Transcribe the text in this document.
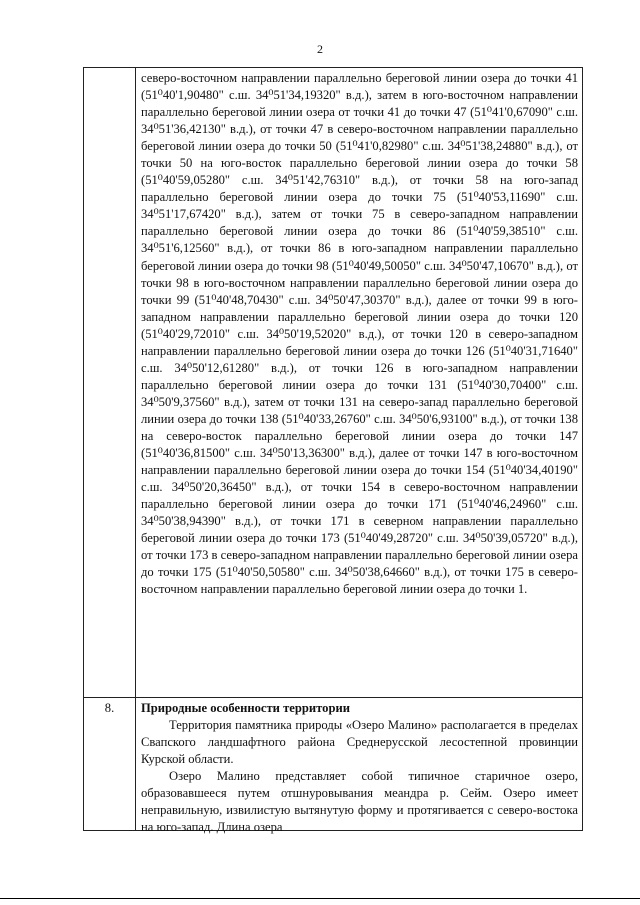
2

северо-восточном направлении параллельно береговой линии озера до точки 41 (51⁰40'1,90480" с.ш. 34⁰51'34,19320" в.д.), затем в юго-восточном направлении параллельно береговой линии озера от точки 41 до точки 47 (51⁰41'0,67090" с.ш. 34⁰51'36,42130" в.д.), от точки 47 в северо-восточном направлении параллельно береговой линии озера до точки 50 (51⁰41'0,82980" с.ш. 34⁰51'38,24880" в.д.), от точки 50 на юго-восток параллельно береговой линии озера до точки 58 (51⁰40'59,05280" с.ш. 34⁰51'42,76310" в.д.), от точки 58 на юго-запад параллельно береговой линии озера до точки 75 (51⁰40'53,11690" с.ш. 34⁰51'17,67420" в.д.), затем от точки 75 в северо-западном направлении параллельно береговой линии озера до точки 86 (51⁰40'59,38510" с.ш. 34⁰51'6,12560" в.д.), от точки 86 в юго-западном направлении параллельно береговой линии озера до точки 98 (51⁰40'49,50050" с.ш. 34⁰50'47,10670" в.д.), от точки 98 в юго-восточном направлении параллельно береговой линии озера до точки 99 (51⁰40'48,70430" с.ш. 34⁰50'47,30370" в.д.), далее от точки 99 в юго-западном направлении параллельно береговой линии озера до точки 120 (51⁰40'29,72010" с.ш. 34⁰50'19,52020" в.д.), от точки 120 в северо-западном направлении параллельно береговой линии озера до точки 126 (51⁰40'31,71640" с.ш. 34⁰50'12,61280" в.д.), от точки 126 в юго-западном направлении параллельно береговой линии озера до точки 131 (51⁰40'30,70400" с.ш. 34⁰50'9,37560" в.д.), затем от точки 131 на северо-запад параллельно береговой линии озера до точки 138 (51⁰40'33,26760" с.ш. 34⁰50'6,93100" в.д.), от точки 138 на северо-восток параллельно береговой линии озера до точки 147 (51⁰40'36,81500" с.ш. 34⁰50'13,36300" в.д.), далее от точки 147 в юго-восточном направлении параллельно береговой линии озера до точки 154 (51⁰40'34,40190" с.ш. 34⁰50'20,36450" в.д.), от точки 154 в северо-восточном направлении параллельно береговой линии озера до точки 171 (51⁰40'46,24960" с.ш. 34⁰50'38,94390" в.д.), от точки 171 в северном направлении параллельно береговой линии озера до точки 173 (51⁰40'49,28720" с.ш. 34⁰50'39,05720" в.д.), от точки 173 в северо-западном направлении параллельно береговой линии озера до точки 175 (51⁰40'50,50580" с.ш. 34⁰50'38,64660" в.д.), от точки 175 в северо-восточном направлении параллельно береговой линии озера до точки 1.

8.	Природные особенности территории

Территория памятника природы «Озеро Малино» располагается в пределах Свапского ландшафтного района Среднерусской лесостепной провинции Курской области.

Озеро Малино представляет собой типичное старичное озеро, образовавшееся путем отшнуровывания меандра р. Сейм. Озеро имеет неправильную, извилистую вытянутую форму и протягивается с северо-востока на юго-запад. Длина озера
